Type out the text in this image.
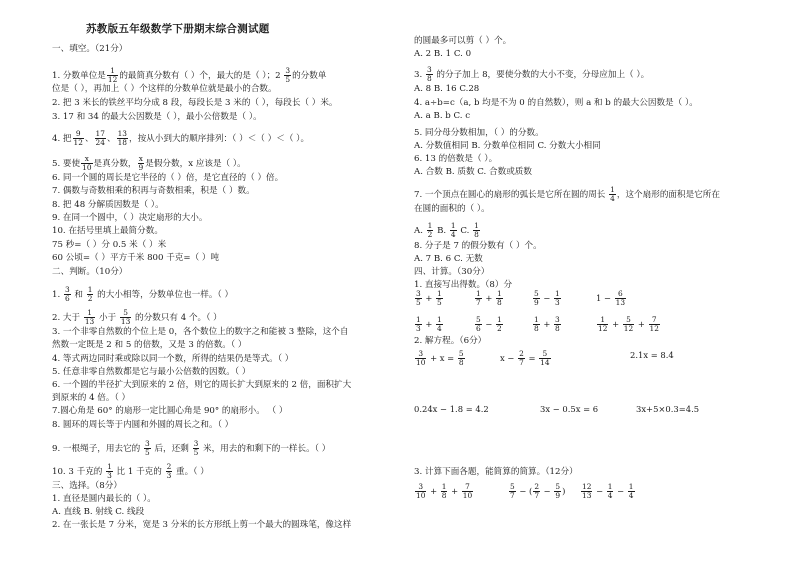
苏教版五年级数学下册期末综合测试题
一、填空。（21分）
1. 分数单位是 $\frac{1}{12}$ 的最简真分数有（ ）个，最大的是（ ）；$2 \frac{3}{5}$ 的分数单
位是（ ），再加上（ ）个这样的分数单位就是最小的合数。
2. 把 3 米长的铁丝平均分成 8 段，每段长是 3 米的（ ），每段长（ ）米。
3. 17 和 34 的最大公因数是（ ），最小公倍数是（ ）。
4. 把 $\frac{9}{12}$ 、 $\frac{17}{24}$ 、 $\frac{13}{18}$ ，按从小到大的顺序排列：（ ）＜（ ）＜（ ）。
5. 要使 $\frac{x}{10}$ 是真分数， $\frac{x}{9}$ 是假分数，x 应该是（ ）。
6. 同一个圆的周长是它半径的（ ）倍，是它直径的（ ）倍。
7. 偶数与奇数相乘的积再与奇数相乘，积是（ ）数。
8. 把 48 分解质因数是（ ）。
9. 在同一个圆中，（ ）决定扇形的大小。
10. 在括号里填上最简分数。
75 秒=（ ）分 0.5 米（ ）米
60 公顷=（ ）平方千米 800 千克=（ ）吨
二、判断。（10分）
1. $\frac{3}{6}$ 和 $\frac{1}{2}$ 的大小相等，分数单位也一样。（ ）
2. 大于 $\frac{1}{13}$ 小于 $\frac{5}{13}$ 的分数只有 4 个。（ ）
3. 一个非零自然数的个位上是 0，各个数位上的数字之和能被 3 整除，这个自
然数一定既是 2 和 5 的倍数，又是 3 的倍数。（ ）
4. 等式两边同时乘或除以同一个数，所得的结果仍是等式。（ ）
5. 任意非零自然数都是它与最小公倍数的因数。（ ）
6. 一个圆的半径扩大到原来的 2 倍，则它的周长扩大到原来的 2 倍，面积扩大
到原来的 4 倍。（ ）
7.圆心角是 60° 的扇形一定比圆心角是 90° 的扇形小。 （ ）
8. 圆环的周长等于内圆和外圆的周长之和。（ ）
9. 一根绳子，用去它的 $\frac{3}{5}$ 后，还剩 $\frac{3}{5}$ 米，用去的和剩下的一样长。（ ）
10. 3 千克的 $\frac{1}{3}$ 比 1 千克的 $\frac{2}{3}$ 重。（ ）
三、选择。（8分）
1. 直径是圆内最长的（ ）。
A. 直线 B. 射线 C. 线段
2. 在一张长是 7 分米，宽是 3 分米的长方形纸上剪一个最大的圆珠笔，像这样
的圆最多可以剪（ ）个。
A. 2 B. 1 C. 0
3. $\frac{3}{8}$ 的分子加上 8，要使分数的大小不变，分母应加上（ ）。
A. 8 B. 16 C.28
4. a÷b=c（a, b 均是不为 0 的自然数），则 a 和 b 的最大公因数是（ ）。
A. a B. b C. c
5. 同分母分数相加，（ ）的分数。
A. 分数值相同 B. 分数单位相同 C. 分数大小相同
6. 13 的倍数是（ ）。
A. 合数 B. 质数 C. 合数或质数
7. 一个顶点在圆心的扇形的弧长是它所在圆的周长 $\frac{1}{4}$ ，这个扇形的面积是它所在
在圆的面积的（ ）。
A. $\frac{1}{2} B$. $\frac{1}{4} C$. $\frac{1}{8}$
8. 分子是 7 的假分数有（ ）个。
A. 7 B. 6 C. 无数
四、计算。（30分）
1. 直接写出得数。（8）分
2. 解方程。（6分）
3. 计算下面各题，能简算的简算。（12分）
$\frac{3}{5} + \frac{1}{5}$	$\frac{1}{7} + \frac{1}{8}$	$\frac{5}{9} - \frac{1}{3}$	$1 - \frac{6}{13}$
$\frac{1}{3} + \frac{1}{4}$	$\frac{5}{6} - \frac{1}{2}$	$\frac{1}{8} + \frac{3}{8}$	$\frac{1}{12} + \frac{5}{12} + \frac{7}{12}$
$\frac{3}{10} + x = \frac{5}{8}$	$x - \frac{2}{7} = \frac{5}{14}$	2.1x = 8.4
0.24x − 1.8 = 4.2	3x − 0.5x = 6	3x+5×0.3=4.5
$\frac{3}{10} + \frac{1}{8} + \frac{7}{10}$	$\frac{5}{7}$ − ( $\frac{2}{7} - \frac{5}{9}$ ) $\frac{12}{13} - \frac{1}{4} - \frac{1}{4}$
